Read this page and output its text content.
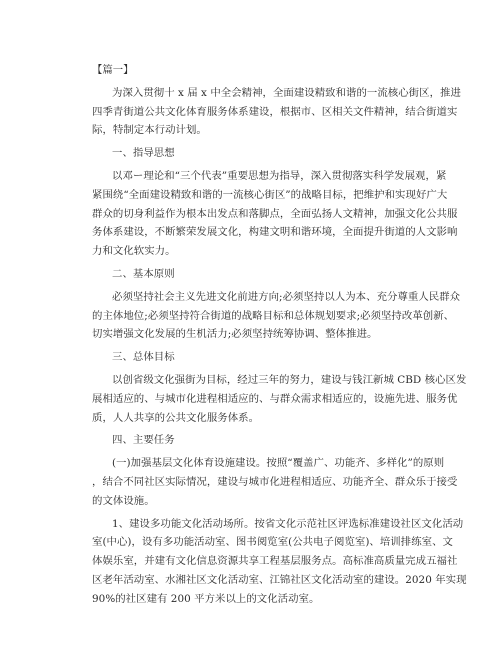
【篇一】

为深入贯彻十 x 届 x 中全会精神，全面建设精致和谐的一流核心街区，推进

四季青街道公共文化体育服务体系建设，根据市、区相关文件精神，结合街道实

际，特制定本行动计划。

一、指导思想

以邓ー理论和“三个代表”重要思想为指导，深入贯彻落实科学发展观，紧

紧围绕“全面建设精致和谐的一流核心街区”的战略目标，把维护和实现好广大

群众的切身利益作为根本出发点和落脚点，全面弘扬人文精神，加强文化公共服

务体系建设，不断繁荣发展文化，构建文明和谐环境，全面提升街道的人文影响

力和文化软实力。

二、基本原则

必须坚持社会主义先进文化前进方向;必须坚持以人为本、充分尊重人民群众

的主体地位;必须坚持符合街道的战略目标和总体规划要求;必须坚持改革创新、

切实增强文化发展的生机活力;必须坚持统筹协调、整体推进。

三、总体目标

以创省级文化强街为目标，经过三年的努力，建设与钱江新城 CBD 核心区发

展相适应的、与城市化进程相适应的、与群众需求相适应的，设施先进、服务优

质，人人共享的公共文化服务体系。

四、主要任务

(一)加强基层文化体育设施建设。按照“覆盖广、功能齐、多样化”的原则

，结合不同社区实际情况，建设与城市化进程相适应、功能齐全、群众乐于接受

的文体设施。

1、建设多功能文化活动场所。按省文化示范社区评选标准建设社区文化活动

室(中心)，设有多功能活动室、图书阅览室(公共电子阅览室)、培训排练室、文

体娱乐室，并建有文化信息资源共享工程基层服务点。高标准高质量完成五福社

区老年活动室、水湘社区文化活动室、江锦社区文化活动室的建设。2020 年实现

90%的社区建有 200 平方米以上的文化活动室。
